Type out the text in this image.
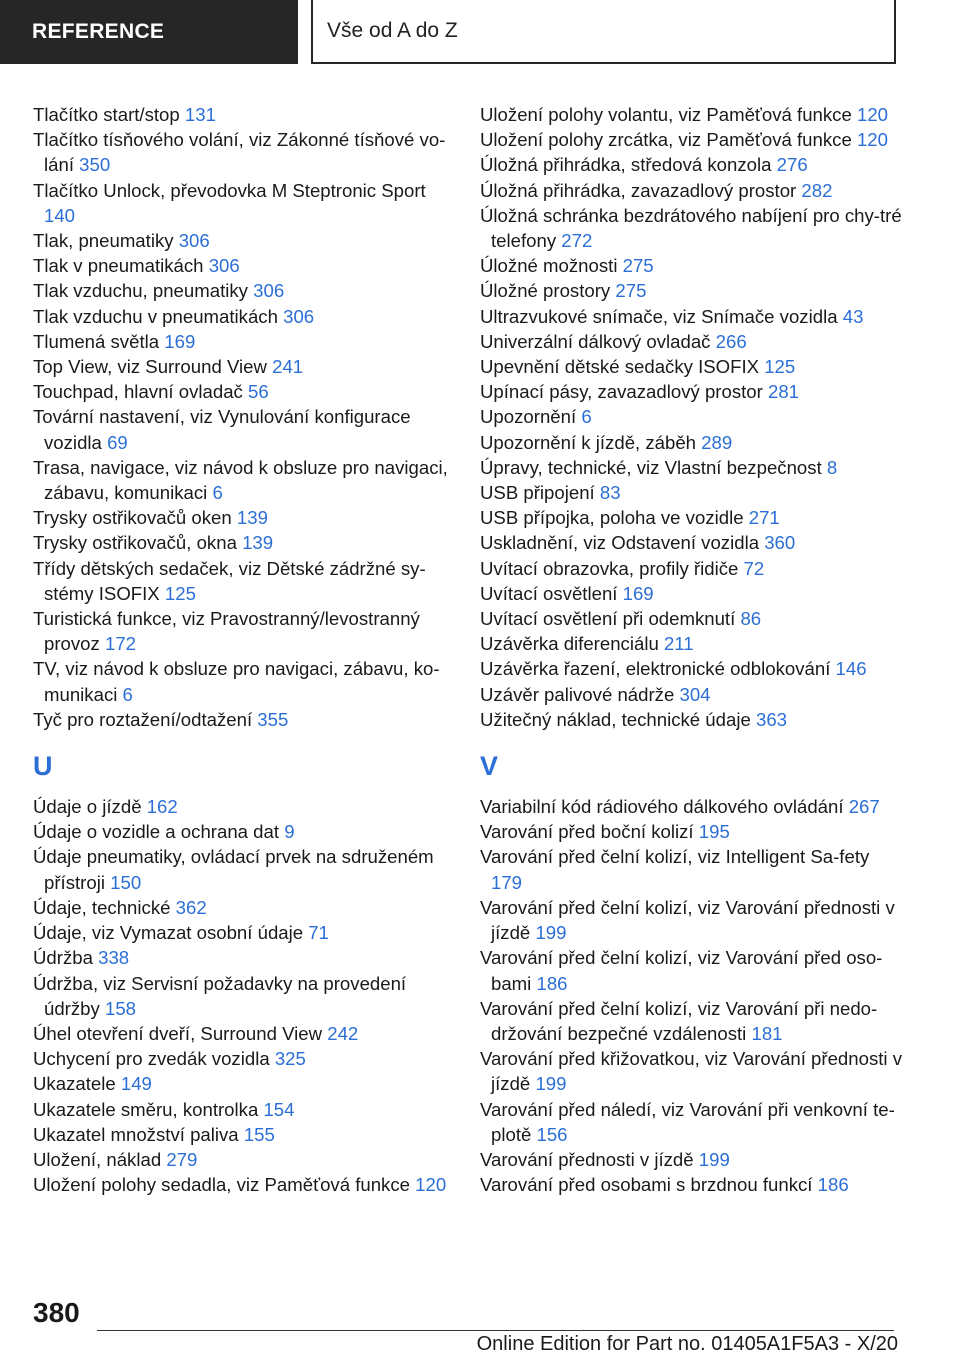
REFERENCE	Vše od A do Z
Tlačítko start/stop 131
Tlačítko tísňového volání, viz Zákonné tísňové vo‐lání 350
Tlačítko Unlock, převodovka M Steptronic Sport 140
Tlak, pneumatiky 306
Tlak v pneumatikách 306
Tlak vzduchu, pneumatiky 306
Tlak vzduchu v pneumatikách 306
Tlumená světla 169
Top View, viz Surround View 241
Touchpad, hlavní ovladač 56
Tovární nastavení, viz Vynulování konfigurace vozidla 69
Trasa, navigace, viz návod k obsluze pro navigaci, zábavu, komunikaci 6
Trysky ostřikovačů oken 139
Trysky ostřikovačů, okna 139
Třídy dětských sedaček, viz Dětské zádržné sy‐stémy ISOFIX 125
Turistická funkce, viz Pravostranný/levostranný provoz 172
TV, viz návod k obsluze pro navigaci, zábavu, ko‐munikaci 6
Tyč pro roztažení/odtažení 355
U
Údaje o jízdě 162
Údaje o vozidle a ochrana dat 9
Údaje pneumatiky, ovládací prvek na sdruženém přístroji 150
Údaje, technické 362
Údaje, viz Vymazat osobní údaje 71
Údržba 338
Údržba, viz Servisní požadavky na provedení údržby 158
Úhel otevření dveří, Surround View 242
Uchycení pro zvedák vozidla 325
Ukazatele 149
Ukazatele směru, kontrolka 154
Ukazatel množství paliva 155
Uložení, náklad 279
Uložení polohy sedadla, viz Paměťová funkce 120
Uložení polohy volantu, viz Paměťová funkce 120
Uložení polohy zrcátka, viz Paměťová funkce 120
Úložná přihrádka, středová konzola 276
Úložná přihrádka, zavazadlový prostor 282
Úložná schránka bezdrátového nabíjení pro chy‐tré telefony 272
Úložné možnosti 275
Úložné prostory 275
Ultrazvukové snímače, viz Snímače vozidla 43
Univerzální dálkový ovladač 266
Upevnění dětské sedačky ISOFIX 125
Upínací pásy, zavazadlový prostor 281
Upozornění 6
Upozornění k jízdě, záběh 289
Úpravy, technické, viz Vlastní bezpečnost 8
USB připojení 83
USB přípojka, poloha ve vozidle 271
Uskladnění, viz Odstavení vozidla 360
Uvítací obrazovka, profily řidiče 72
Uvítací osvětlení 169
Uvítací osvětlení při odemknutí 86
Uzávěrka diferenciálu 211
Uzávěrka řazení, elektronické odblokování 146
Uzávěr palivové nádrže 304
Užitečný náklad, technické údaje 363
V
Variabilní kód rádiového dálkového ovládání 267
Varování před boční kolizí 195
Varování před čelní kolizí, viz Intelligent Sa‐fety 179
Varování před čelní kolizí, viz Varování přednosti v jízdě 199
Varování před čelní kolizí, viz Varování před oso‐bami 186
Varování před čelní kolizí, viz Varování při nedo‐držování bezpečné vzdálenosti 181
Varování před křižovatkou, viz Varování přednosti v jízdě 199
Varování před náledí, viz Varování při venkovní te‐plotě 156
Varování přednosti v jízdě 199
Varování před osobami s brzdnou funkcí 186
380
Online Edition for Part no. 01405A1F5A3 - X/20
